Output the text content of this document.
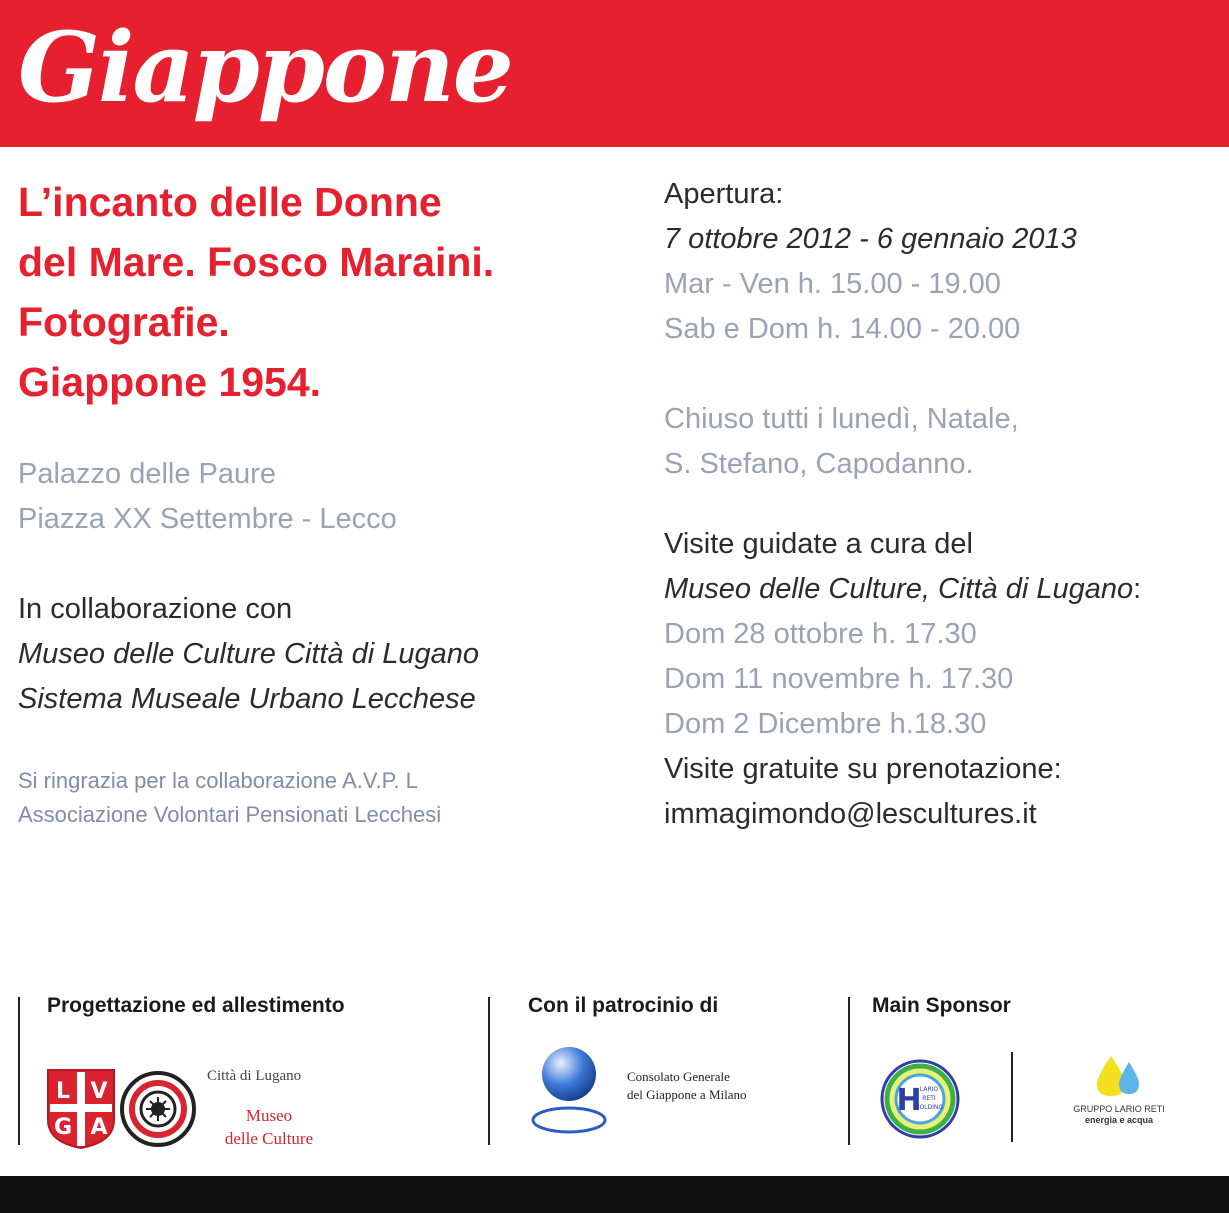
Giappone
L’incanto delle Donne
del Mare. Fosco Maraini.
Fotografie.
Giappone 1954.
Palazzo delle Paure
Piazza XX Settembre - Lecco
In collaborazione con
Museo delle Culture Città di Lugano
Sistema Museale Urbano Lecchese
Si ringrazia per la collaborazione A.V.P. L
Associazione Volontari Pensionati Lecchesi
Apertura:
7 ottobre 2012 - 6 gennaio 2013
Mar - Ven h. 15.00 - 19.00
Sab e Dom h. 14.00 - 20.00
Chiuso tutti i lunedì, Natale,
S. Stefano, Capodanno.
Visite guidate a cura del
Museo delle Culture, Città di Lugano:
Dom 28 ottobre h. 17.30
Dom 11 novembre h. 17.30
Dom 2 Dicembre h.18.30
Visite gratuite su prenotazione:
immagimondo@lescultures.it

Progettazione ed allestimento	Con il patrocinio di	Main Sponsor

L V
G A
Città di Lugano
Museo
delle Culture
Consolato Generale
del Giappone a Milano	H
LARIO
RETI
HOLDING	GRUPPO LARIO RETI
energia e acqua
